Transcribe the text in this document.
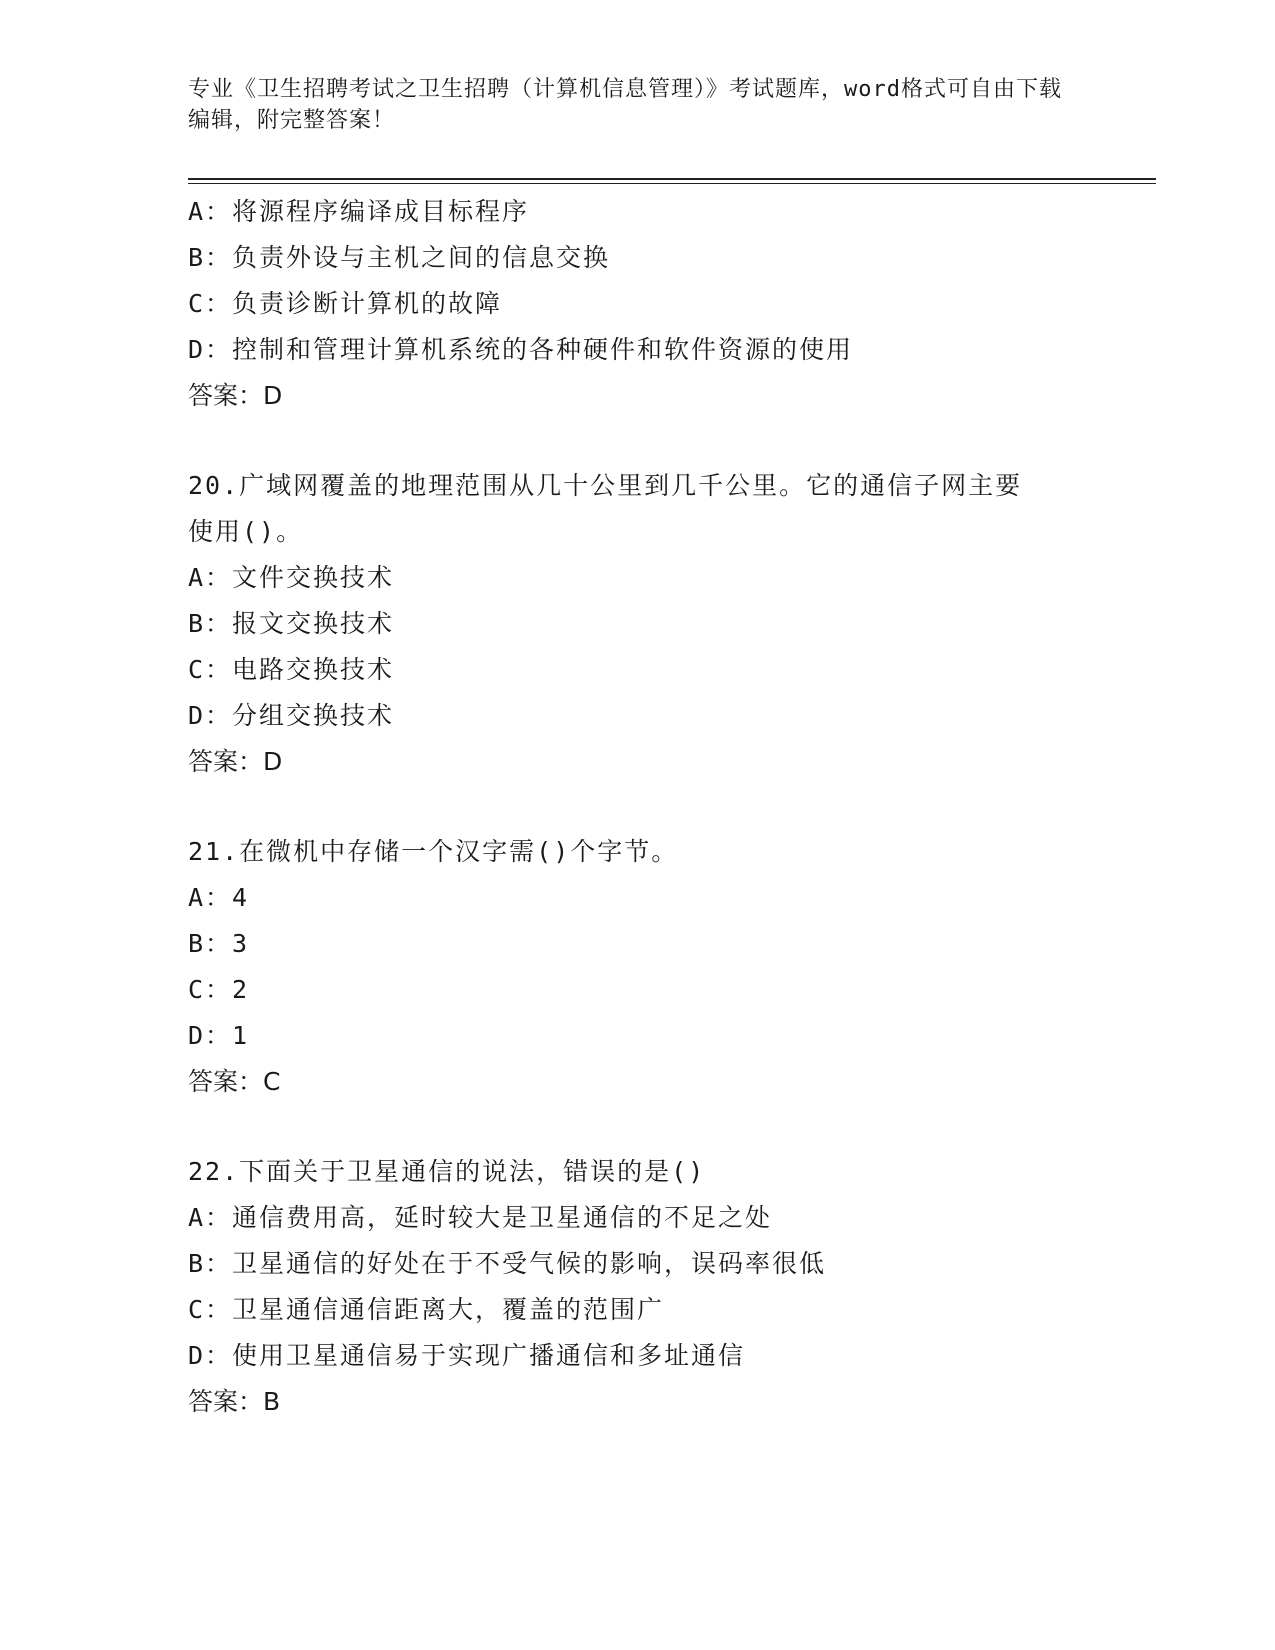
专业《卫生招聘考试之卫生招聘（计算机信息管理）》考试题库，word格式可自由下载编辑，附完整答案！

A：将源程序编译成目标程序

B：负责外设与主机之间的信息交换

C：负责诊断计算机的故障

D：控制和管理计算机系统的各种硬件和软件资源的使用

答案：D

20.广域网覆盖的地理范围从几十公里到几千公里。它的通信子网主要

使用()。

A：文件交换技术

B：报文交换技术

C：电路交换技术

D：分组交换技术

答案：D

21.在微机中存储一个汉字需()个字节。

A：4

B：3

C：2

D：1

答案：C

22.下面关于卫星通信的说法，错误的是()

A：通信费用高，延时较大是卫星通信的不足之处

B：卫星通信的好处在于不受气候的影响，误码率很低

C：卫星通信通信距离大，覆盖的范围广

D：使用卫星通信易于实现广播通信和多址通信

答案：B
